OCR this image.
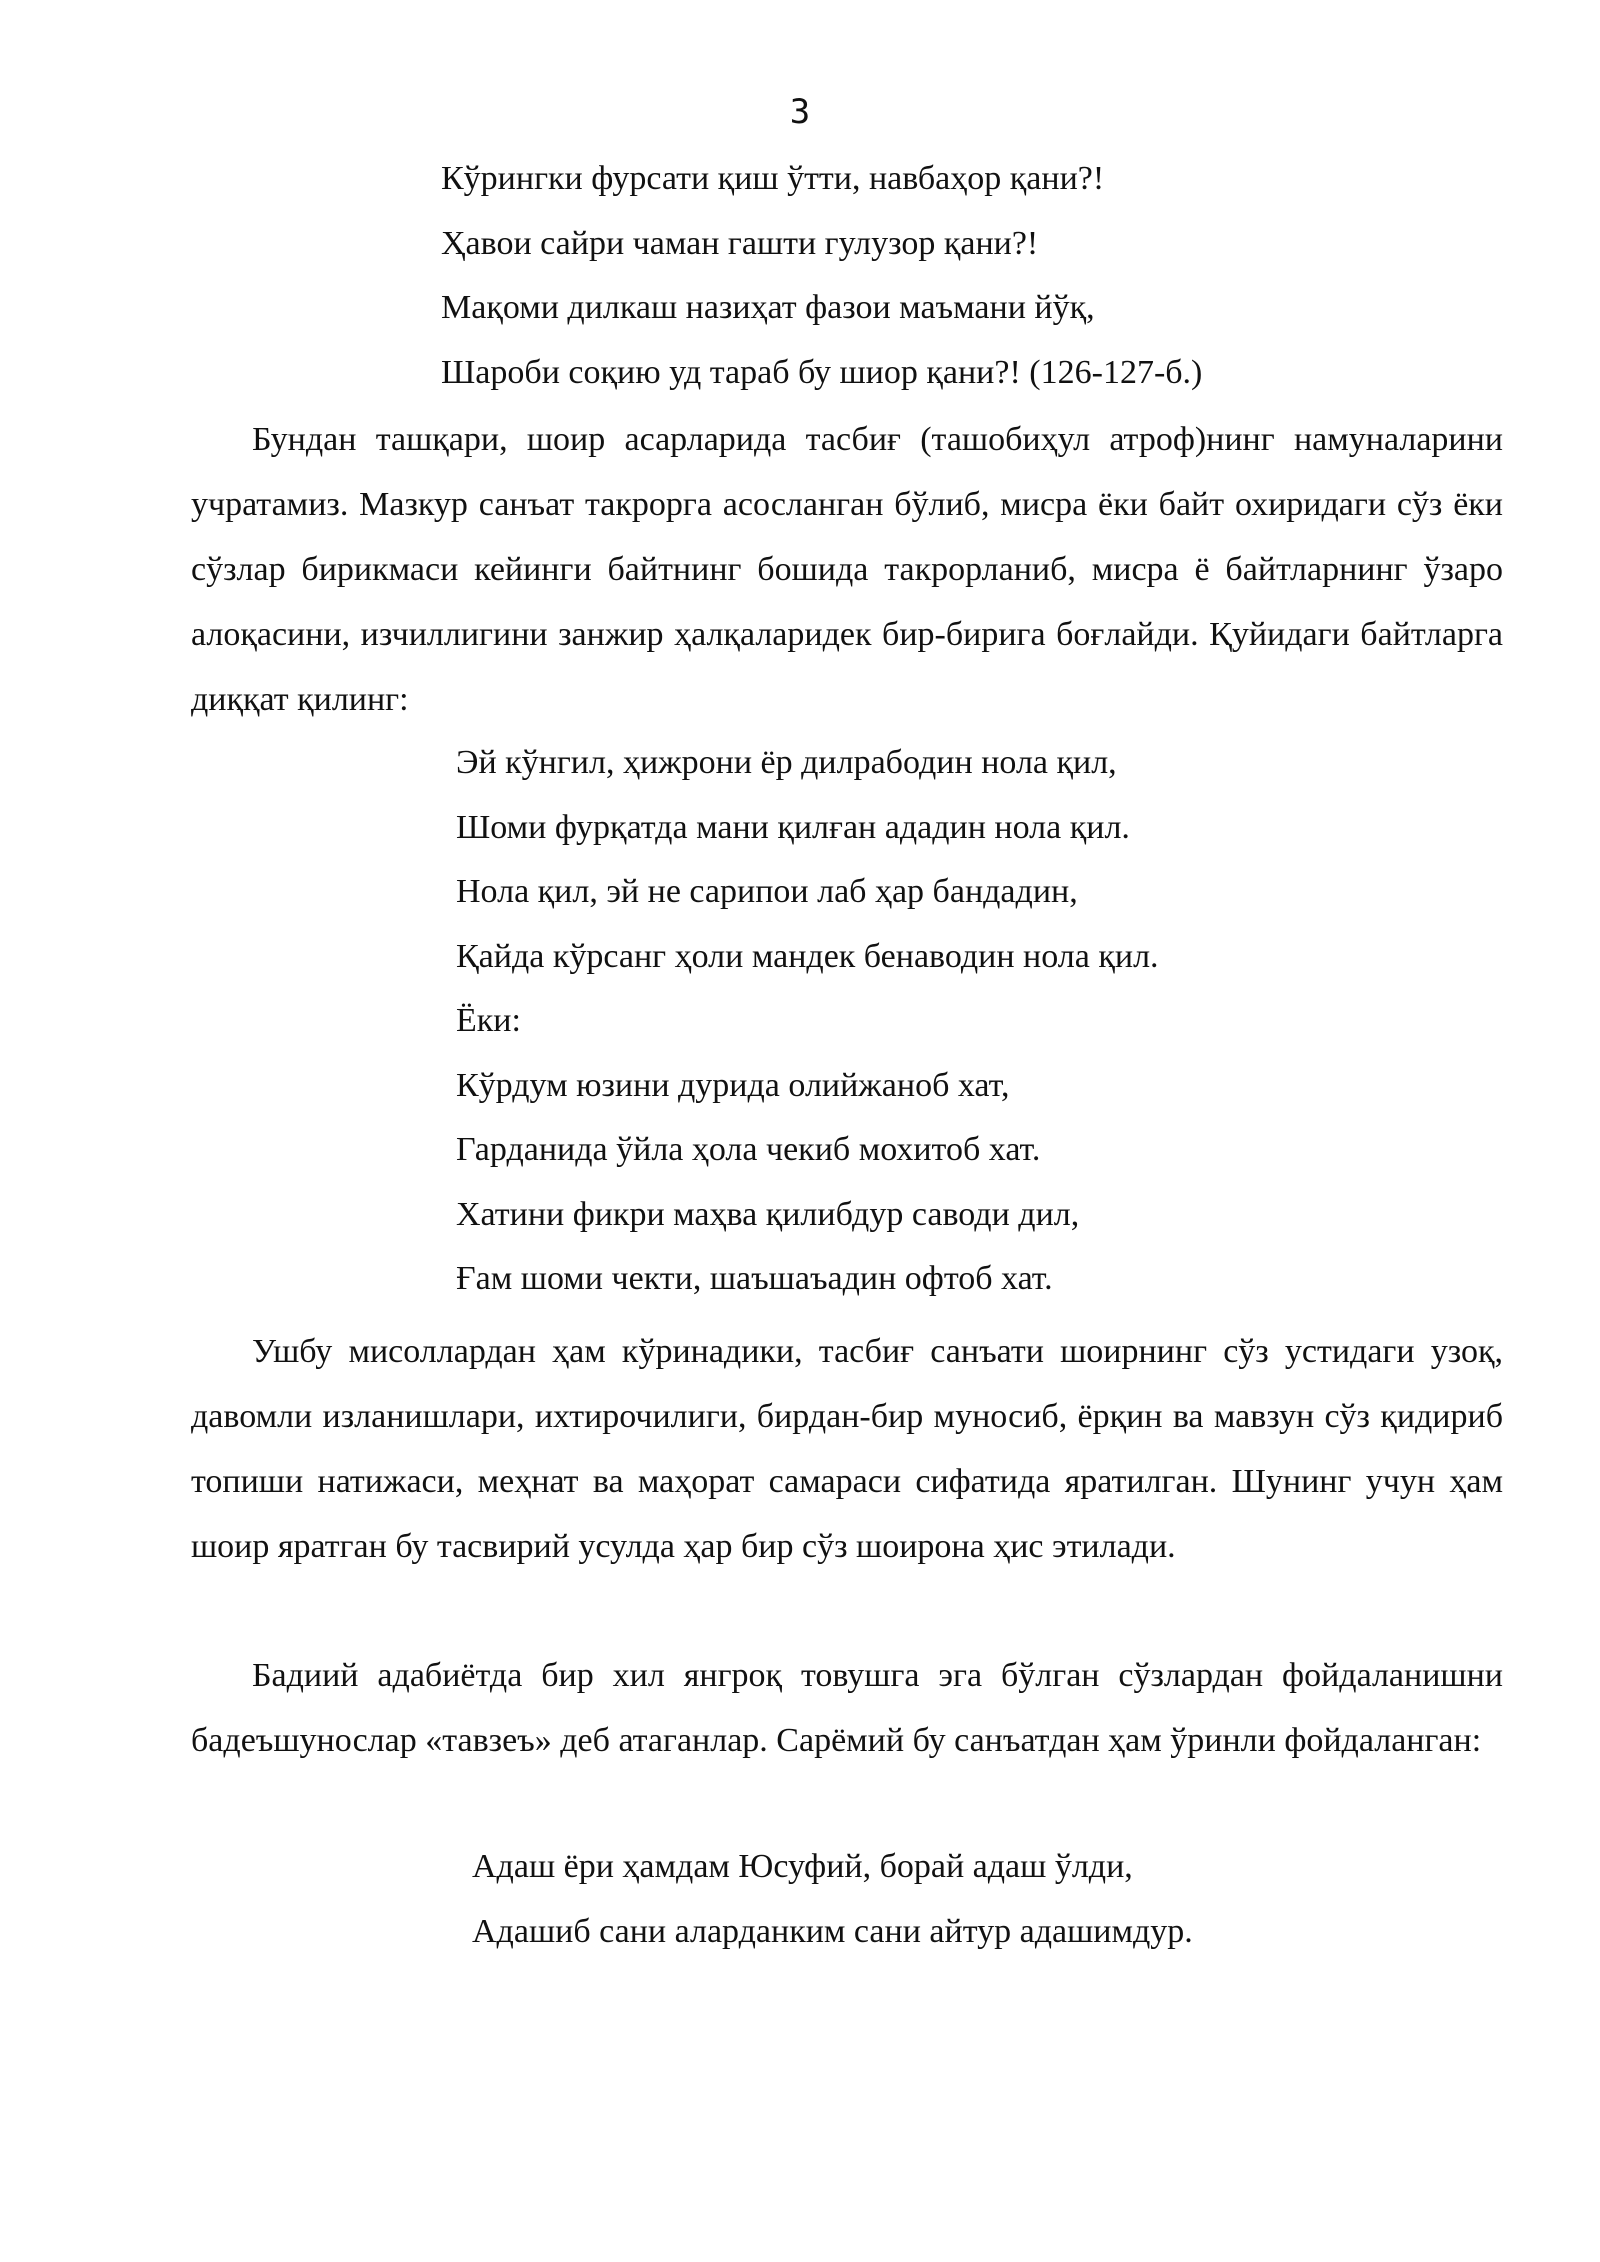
3
Кўрингки фурсати қиш ўтти, навбаҳор қани?!
Ҳавои сайри чаман гашти гулузор қани?!
Мақоми дилкаш назиҳат фазои маъмани йўқ,
Шароби соқию уд тараб бу шиор қани?! (126-127-б.)

Бундан ташқари, шоир асарларида тасбиғ (ташобиҳул атроф)нинг намуналарини учратамиз. Мазкур санъат такрорга асосланган бўлиб, мисра ёки байт охиридаги сўз ёки сўзлар бирикмаси кейинги байтнинг бошида такрорланиб, мисра ё байтларнинг ўзаро алоқасини, изчиллигини занжир ҳалқаларидек бир-бирига боғлайди. Қуйидаги байтларга диққат қилинг:

Эй кўнгил, ҳижрони ёр дилрабодин нола қил,
Шоми фурқатда мани қилған ададин нола қил.
Нола қил, эй не сарипои лаб ҳар бандадин,
Қайда кўрсанг ҳоли мандек бенаводин нола қил.
Ёки:
Кўрдум юзини дурида олийжаноб хат,
Гарданида ўйла ҳола чекиб мохитоб хат.
Хатини фикри маҳва қилибдур саводи дил,
Ғам шоми чекти, шаъшаъадин офтоб хат.

Ушбу мисоллардан ҳам кўринадики, тасбиғ санъати шоирнинг сўз устидаги узоқ, давомли изланишлари, ихтирочилиги, бирдан-бир муносиб, ёрқин ва мавзун сўз қидириб топиши натижаси, меҳнат ва маҳорат самараси сифатида яратилган. Шунинг учун ҳам шоир яратган бу тасвирий усулда ҳар бир сўз шоирона ҳис этилади.

Бадиий адабиётда бир хил янгроқ товушга эга бўлган сўзлардан фойдаланишни бадеъшунослар «тавзеъ» деб атаганлар. Сарёмий бу санъатдан ҳам ўринли фойдаланган:

Адаш ёри ҳамдам Юсуфий, борай адаш ўлди,
Адашиб сани аларданким сани айтур адашимдур.
